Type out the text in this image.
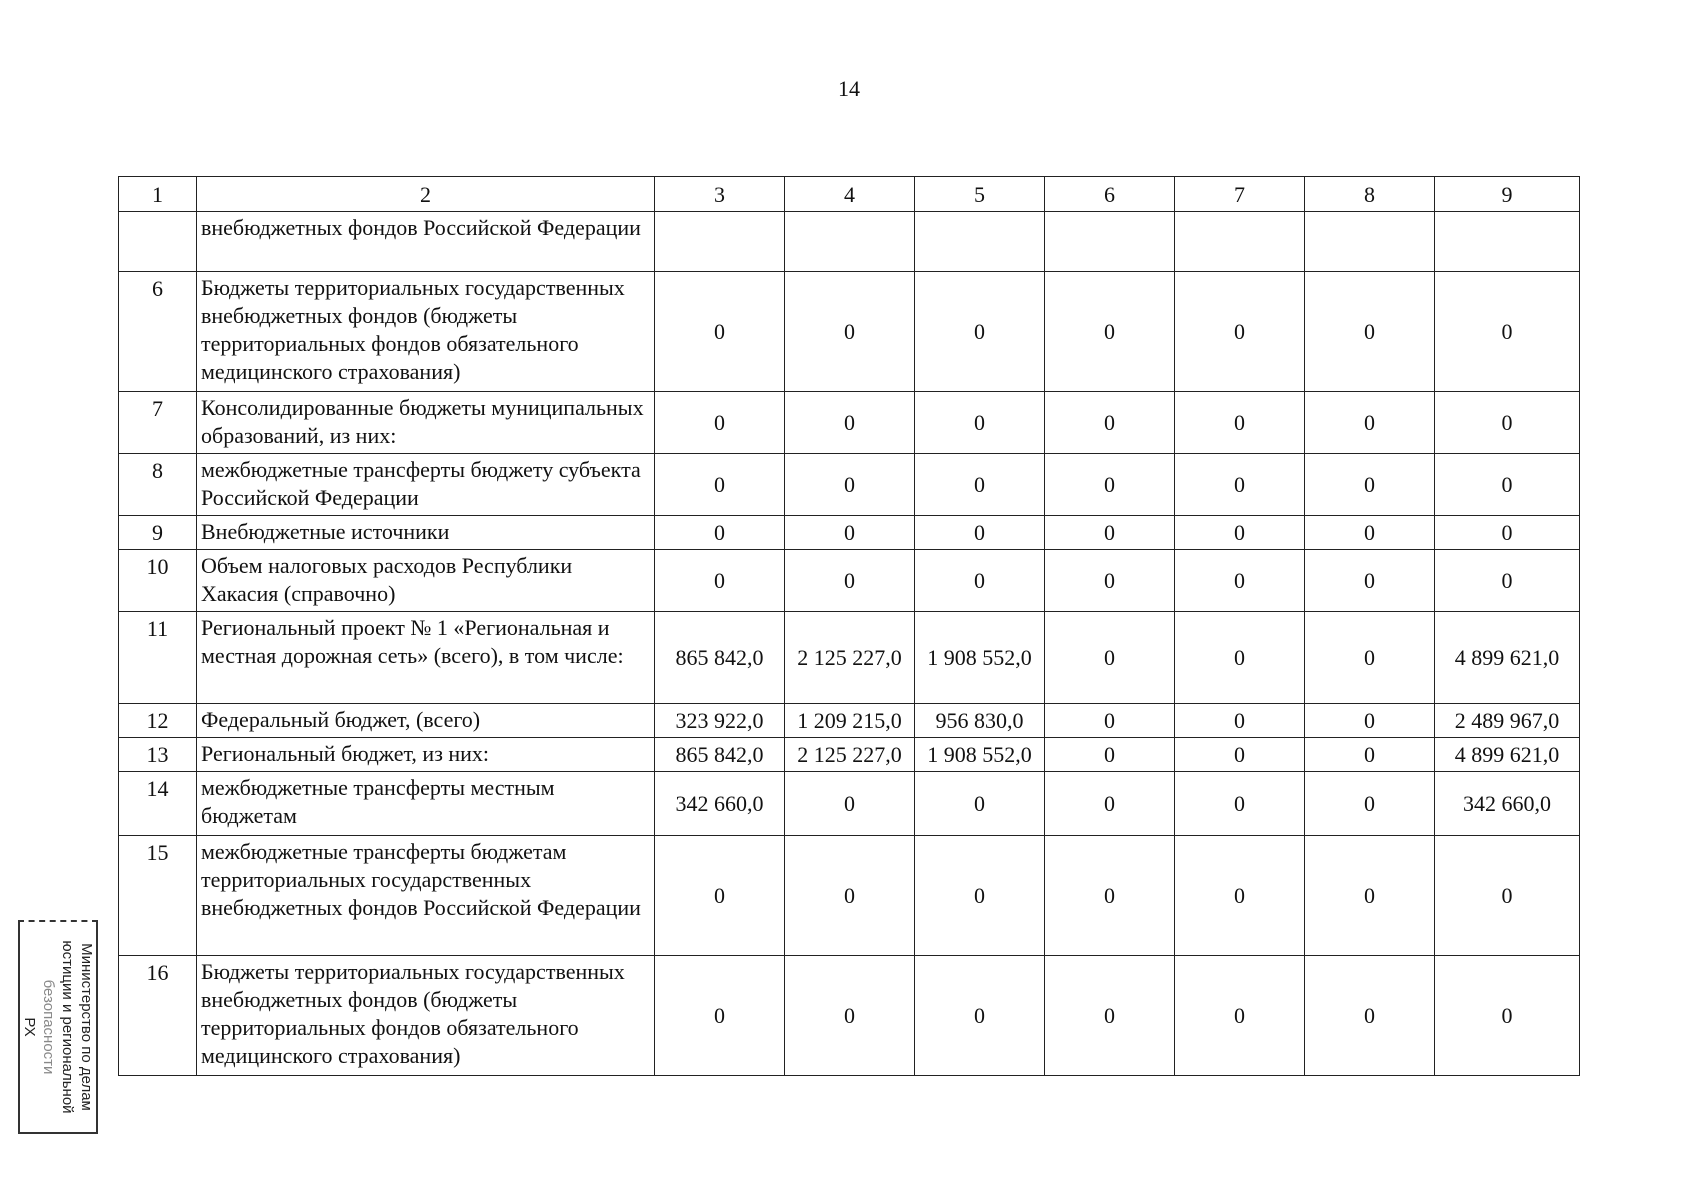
14
1	2	3	4	5	6	7	8	9
	внебюджетных фондов Российской Федерации							
6	Бюджеты территориальных государственных внебюджетных фондов (бюджеты территориальных фондов обязательного медицинского страхования)	0	0	0	0	0	0	0
7	Консолидированные бюджеты муниципальных образований, из них:	0	0	0	0	0	0	0
8	межбюджетные трансферты бюджету субъекта Российской Федерации	0	0	0	0	0	0	0
9	Внебюджетные источники	0	0	0	0	0	0	0
10	Объем налоговых расходов Республики Хакасия (справочно)	0	0	0	0	0	0	0
11	Региональный проект № 1 «Региональная и местная дорожная сеть» (всего), в том числе:	865 842,0	2 125 227,0	1 908 552,0	0	0	0	4 899 621,0
12	Федеральный бюджет, (всего)	323 922,0	1 209 215,0	956 830,0	0	0	0	2 489 967,0
13	Региональный бюджет, из них:	865 842,0	2 125 227,0	1 908 552,0	0	0	0	4 899 621,0
14	межбюджетные трансферты местным бюджетам	342 660,0	0	0	0	0	0	342 660,0
15	межбюджетные трансферты бюджетам территориальных государственных внебюджетных фондов Российской Федерации	0	0	0	0	0	0	0
16	Бюджеты территориальных государственных внебюджетных фондов (бюджеты территориальных фондов обязательного медицинского страхования)	0	0	0	0	0	0	0
Министерство по делам
юстиции и региональной
безопасности
РХ
